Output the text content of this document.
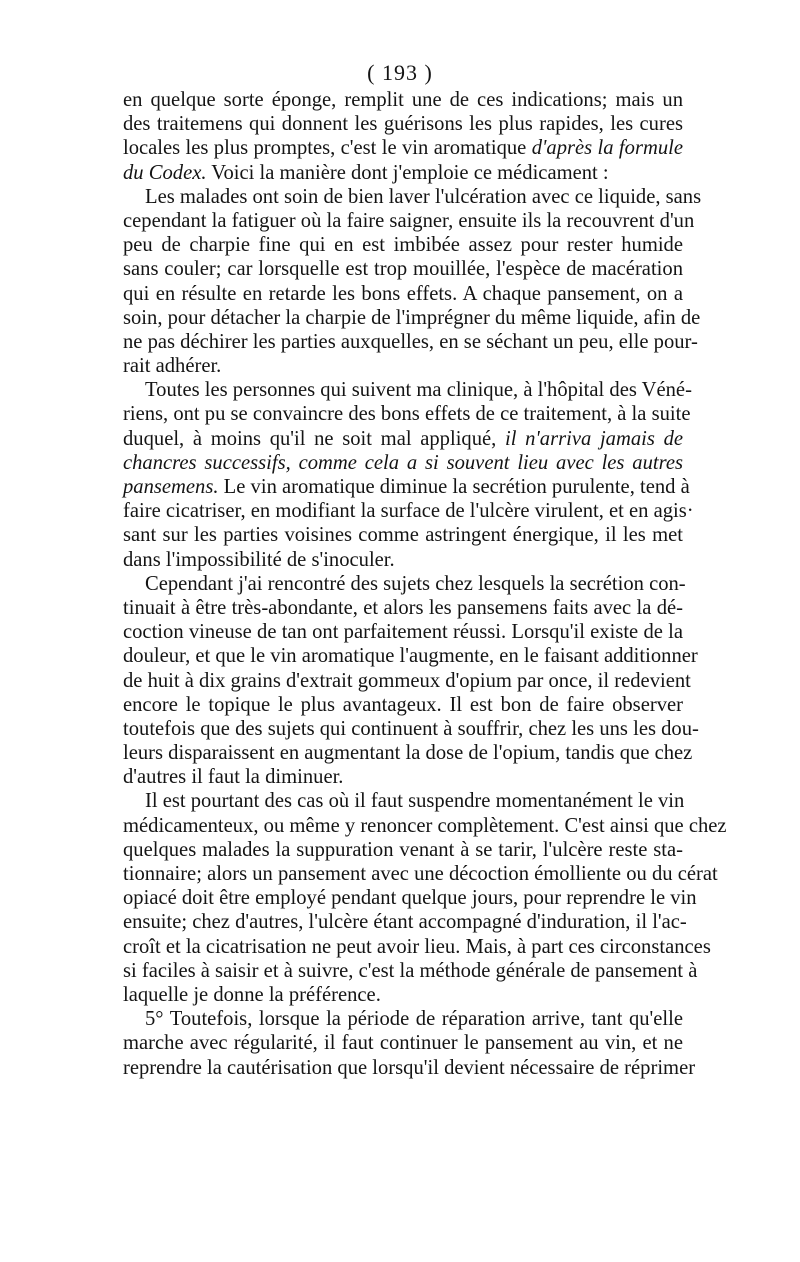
( 193 )
en quelque sorte éponge, remplit une de ces indications; mais un
des traitemens qui donnent les guérisons les plus rapides, les cures
locales les plus promptes, c'est le vin aromatique d'après la formule
du Codex. Voici la manière dont j'emploie ce médicament :
Les malades ont soin de bien laver l'ulcération avec ce liquide, sans
cependant la fatiguer où la faire saigner, ensuite ils la recouvrent d'un
peu de charpie fine qui en est imbibée assez pour rester humide
sans couler; car lorsquelle est trop mouillée, l'espèce de macération
qui en résulte en retarde les bons effets. A chaque pansement, on a
soin, pour détacher la charpie de l'imprégner du même liquide, afin de
ne pas déchirer les parties auxquelles, en se séchant un peu, elle pour-
rait adhérer.
Toutes les personnes qui suivent ma clinique, à l'hôpital des Véné-
riens, ont pu se convaincre des bons effets de ce traitement, à la suite
duquel, à moins qu'il ne soit mal appliqué, il n'arriva jamais de
chancres successifs, comme cela a si souvent lieu avec les autres
pansemens. Le vin aromatique diminue la secrétion purulente, tend à
faire cicatriser, en modifiant la surface de l'ulcère virulent, et en agis·
sant sur les parties voisines comme astringent énergique, il les met
dans l'impossibilité de s'inoculer.
Cependant j'ai rencontré des sujets chez lesquels la secrétion con-
tinuait à être très-abondante, et alors les pansemens faits avec la dé-
coction vineuse de tan ont parfaitement réussi. Lorsqu'il existe de la
douleur, et que le vin aromatique l'augmente, en le faisant additionner
de huit à dix grains d'extrait gommeux d'opium par once, il redevient
encore le topique le plus avantageux. Il est bon de faire observer
toutefois que des sujets qui continuent à souffrir, chez les uns les dou-
leurs disparaissent en augmentant la dose de l'opium, tandis que chez
d'autres il faut la diminuer.
Il est pourtant des cas où il faut suspendre momentanément le vin
médicamenteux, ou même y renoncer complètement. C'est ainsi que chez
quelques malades la suppuration venant à se tarir, l'ulcère reste sta-
tionnaire; alors un pansement avec une décoction émolliente ou du cérat
opiacé doit être employé pendant quelque jours, pour reprendre le vin
ensuite; chez d'autres, l'ulcère étant accompagné d'induration, il l'ac-
croît et la cicatrisation ne peut avoir lieu. Mais, à part ces circonstances
si faciles à saisir et à suivre, c'est la méthode générale de pansement à
laquelle je donne la préférence.
5° Toutefois, lorsque la période de réparation arrive, tant qu'elle
marche avec régularité, il faut continuer le pansement au vin, et ne
reprendre la cautérisation que lorsqu'il devient nécessaire de réprimer
